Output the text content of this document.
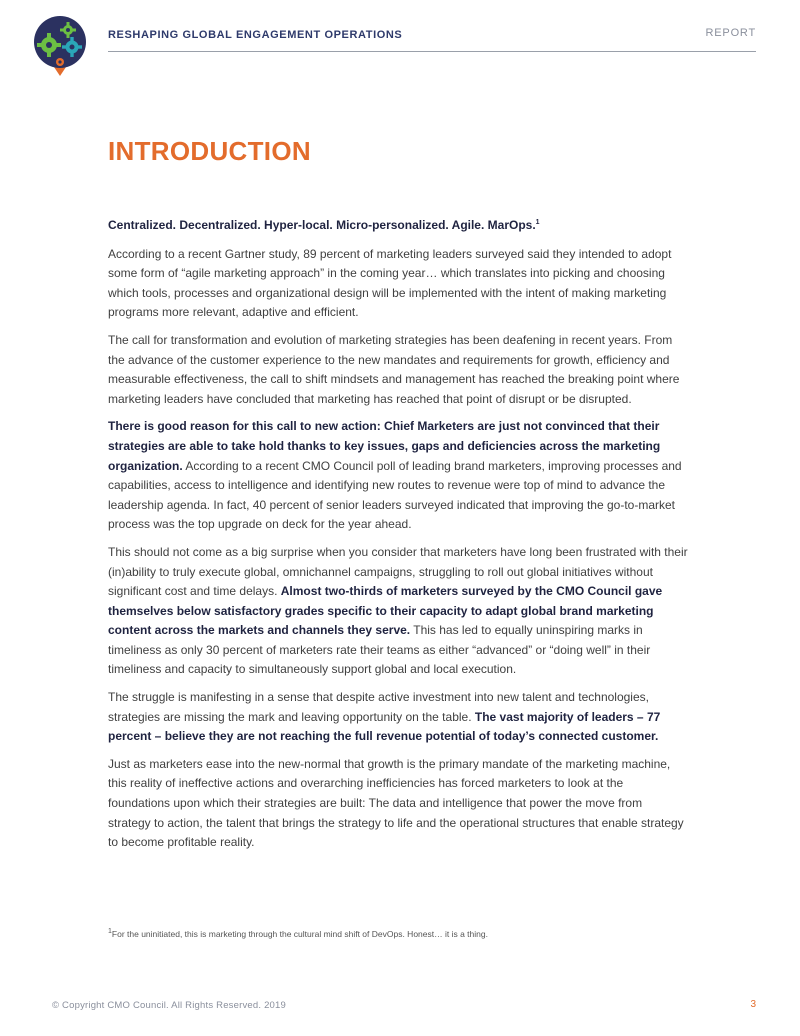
RESHAPING GLOBAL ENGAGEMENT OPERATIONS	REPORT
INTRODUCTION

Centralized. Decentralized. Hyper-local. Micro-personalized. Agile. MarOps.$^1$

According to a recent Gartner study, 89 percent of marketing leaders surveyed said they intended to adopt some form of “agile marketing approach” in the coming year… which translates into picking and choosing which tools, processes and organizational design will be implemented with the intent of making marketing programs more relevant, adaptive and efficient.

The call for transformation and evolution of marketing strategies has been deafening in recent years. From the advance of the customer experience to the new mandates and requirements for growth, efficiency and measurable effectiveness, the call to shift mindsets and management has reached the breaking point where marketing leaders have concluded that marketing has reached that point of disrupt or be disrupted.

There is good reason for this call to new action: Chief Marketers are just not convinced that their strategies are able to take hold thanks to key issues, gaps and deficiencies across the marketing organization. According to a recent CMO Council poll of leading brand marketers, improving processes and capabilities, access to intelligence and identifying new routes to revenue were top of mind to advance the leadership agenda. In fact, 40 percent of senior leaders surveyed indicated that improving the go-to-market process was the top upgrade on deck for the year ahead.

This should not come as a big surprise when you consider that marketers have long been frustrated with their (in)ability to truly execute global, omnichannel campaigns, struggling to roll out global initiatives without significant cost and time delays. Almost two-thirds of marketers surveyed by the CMO Council gave themselves below satisfactory grades specific to their capacity to adapt global brand marketing content across the markets and channels they serve. This has led to equally uninspiring marks in timeliness as only 30 percent of marketers rate their teams as either “advanced” or “doing well” in their timeliness and capacity to simultaneously support global and local execution.

The struggle is manifesting in a sense that despite active investment into new talent and technologies, strategies are missing the mark and leaving opportunity on the table. The vast majority of leaders – 77 percent – believe they are not reaching the full revenue potential of today’s connected customer.

Just as marketers ease into the new-normal that growth is the primary mandate of the marketing machine, this reality of ineffective actions and overarching inefficiencies has forced marketers to look at the foundations upon which their strategies are built: The data and intelligence that power the move from strategy to action, the talent that brings the strategy to life and the operational structures that enable strategy to become profitable reality.

$^1$For the uninitiated, this is marketing through the cultural mind shift of DevOps. Honest… it is a thing.
© Copyright CMO Council. All Rights Reserved. 2019	3
